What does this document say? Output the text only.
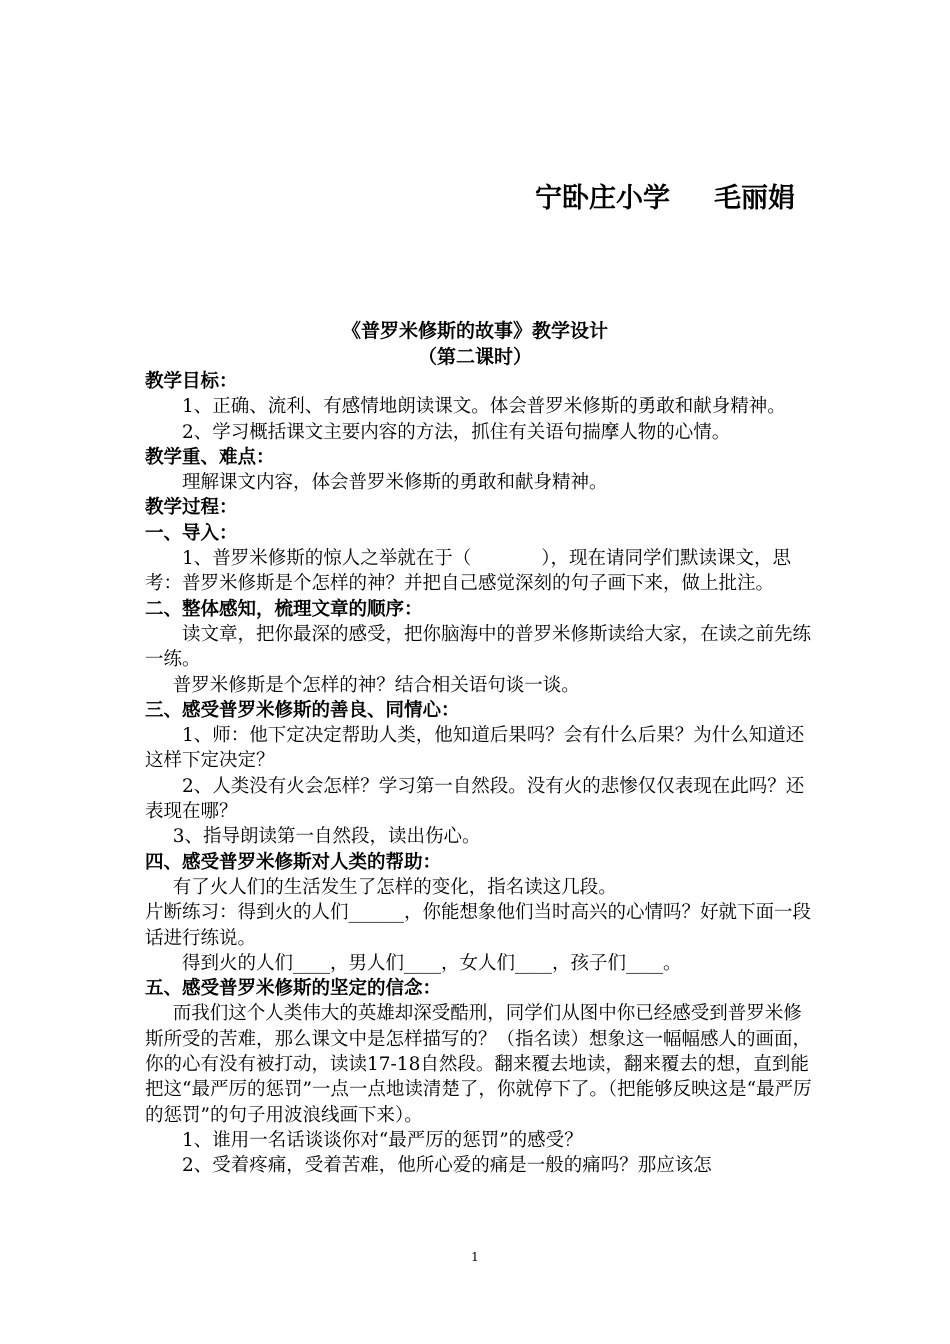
宁卧庄小学 毛丽娟
《普罗米修斯的故事》教学设计
（第二课时）

教学目标：

1、正确、流利、有感情地朗读课文。体会普罗米修斯的勇敢和献身精神。

2、学习概括课文主要内容的方法，抓住有关语句揣摩人物的心情。

教学重、难点：

理解课文内容，体会普罗米修斯的勇敢和献身精神。

教学过程：

一、导入：

1、普罗米修斯的惊人之举就在于（	），现在请同学们默读课文，思考：普罗米修斯是个怎样的神？并把自己感觉深刻的句子画下来，做上批注。

二、整体感知，梳理文章的顺序：

读文章，把你最深的感受，把你脑海中的普罗米修斯读给大家，在读之前先练一练。

普罗米修斯是个怎样的神？结合相关语句谈一谈。

三、感受普罗米修斯的善良、同情心：

1、师：他下定决定帮助人类，他知道后果吗？会有什么后果？为什么知道还这样下定决定？

2、人类没有火会怎样？学习第一自然段。没有火的悲惨仅仅表现在此吗？还表现在哪？

3、指导朗读第一自然段，读出伤心。

四、感受普罗米修斯对人类的帮助：

有了火人们的生活发生了怎样的变化，指名读这几段。

片断练习：得到火的人们______，你能想象他们当时高兴的心情吗？好就下面一段话进行练说。

得到火的人们____，男人们____，女人们____，孩子们____。

五、感受普罗米修斯的坚定的信念：

而我们这个人类伟大的英雄却深受酷刑，同学们从图中你已经感受到普罗米修斯所受的苦难，那么课文中是怎样描写的？（指名读）想象这一幅幅感人的画面，你的心有没有被打动，读读17-18自然段。翻来覆去地读，翻来覆去的想，直到能把这“最严厉的惩罚”一点一点地读清楚了，你就停下了。（把能够反映这是“最严厉的惩罚”的句子用波浪线画下来）。

1、谁用一名话谈谈你对“最严厉的惩罚”的感受？

2、受着疼痛，受着苦难，他所心爱的痛是一般的痛吗？那应该怎

1
